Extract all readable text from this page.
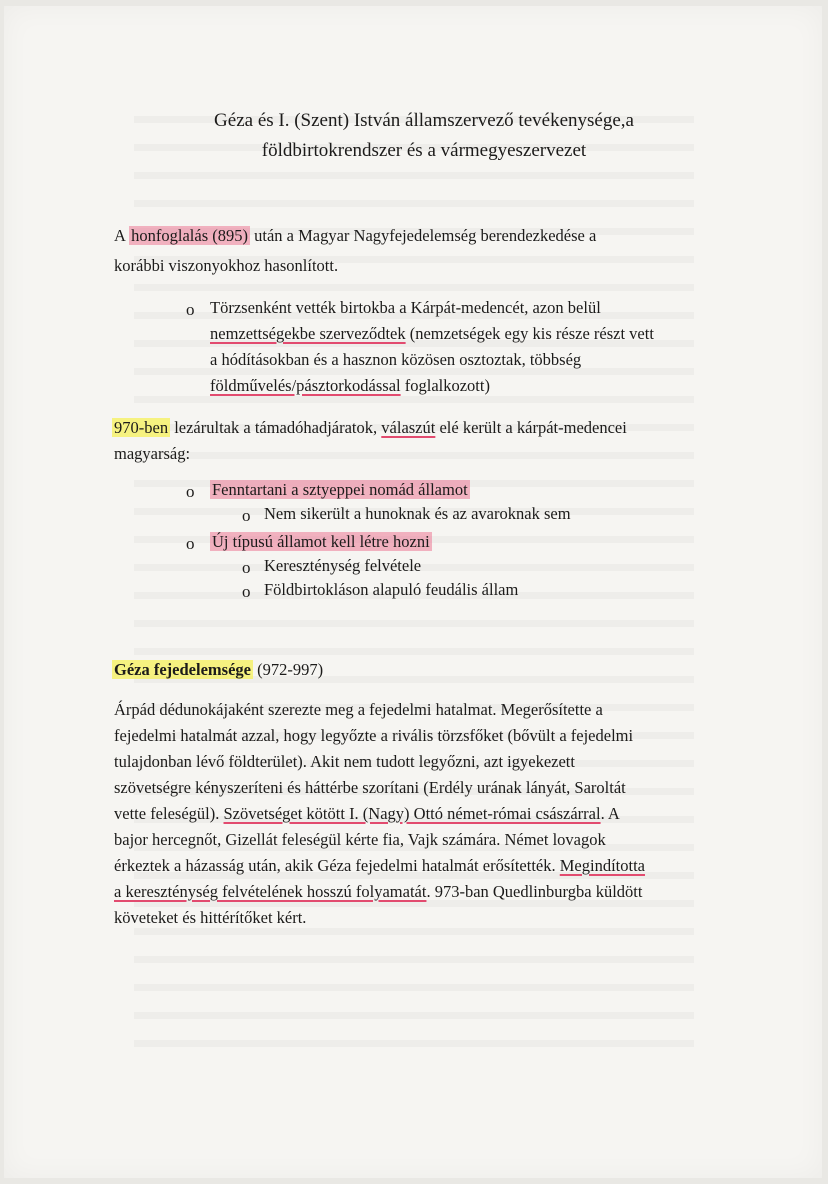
Géza és I. (Szent) István államszervező tevékenysége,a
földbirtokrendszer és a vármegyeszervezet
A honfoglalás (895) után a Magyar Nagyfejedelemség berendezkedése a
korábbi viszonyokhoz hasonlított.
o Törzsenként vették birtokba a Kárpát-medencét, azon belül
nemzettségekbe szerveződtek (nemzetségek egy kis része részt vett
a hódításokban és a hasznon közösen osztoztak, többség
földművelés/pásztorkodással foglalkozott)
970-ben lezárultak a támadóhadjáratok, válaszút elé került a kárpát-medencei
magyarság:
o Fenntartani a sztyeppei nomád államot
o Nem sikerült a hunoknak és az avaroknak sem
o Új típusú államot kell létre hozni
o Kereszténység felvétele
o Földbirtokláson alapuló feudális állam
Géza fejedelemsége (972-997)
Árpád dédunokájaként szerezte meg a fejedelmi hatalmat. Megerősítette a
fejedelmi hatalmát azzal, hogy legyőzte a rivális törzsfőket (bővült a fejedelmi
tulajdonban lévő földterület). Akit nem tudott legyőzni, azt igyekezett
szövetségre kényszeríteni és háttérbe szorítani (Erdély urának lányát, Saroltát
vette feleségül). Szövetséget kötött I. (Nagy) Ottó német-római császárral. A
bajor hercegnőt, Gizellát feleségül kérte fia, Vajk számára. Német lovagok
érkeztek a házasság után, akik Géza fejedelmi hatalmát erősítették. Megindította
a kereszténység felvételének hosszú folyamatát. 973-ban Quedlinburgba küldött
követeket és hittérítőket kért.
